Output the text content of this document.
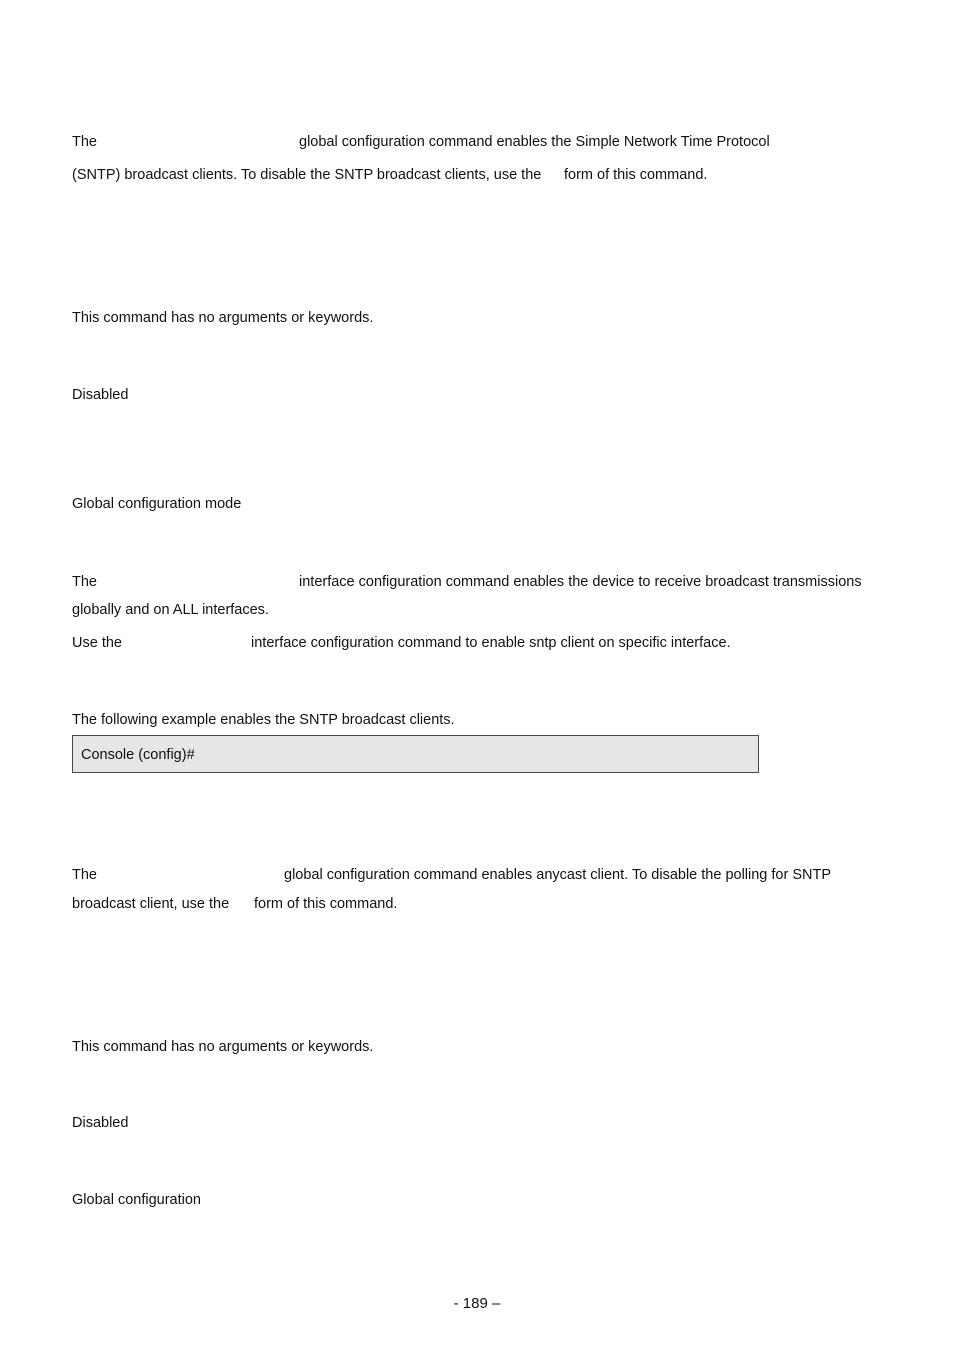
The	global configuration command enables the Simple Network Time Protocol
(SNTP) broadcast clients. To disable the SNTP broadcast clients, use the form of this command.
This command has no arguments or keywords.
Disabled
Global configuration mode
The	interface configuration command enables the device to receive broadcast transmissions
globally and on ALL interfaces.
Use the	interface configuration command to enable sntp client on specific interface.
The following example enables the SNTP broadcast clients.
Console (config)#
The	global configuration command enables anycast client. To disable the polling for SNTP
broadcast client, use the form of this command.
This command has no arguments or keywords.
Disabled
Global configuration
- 189 –
